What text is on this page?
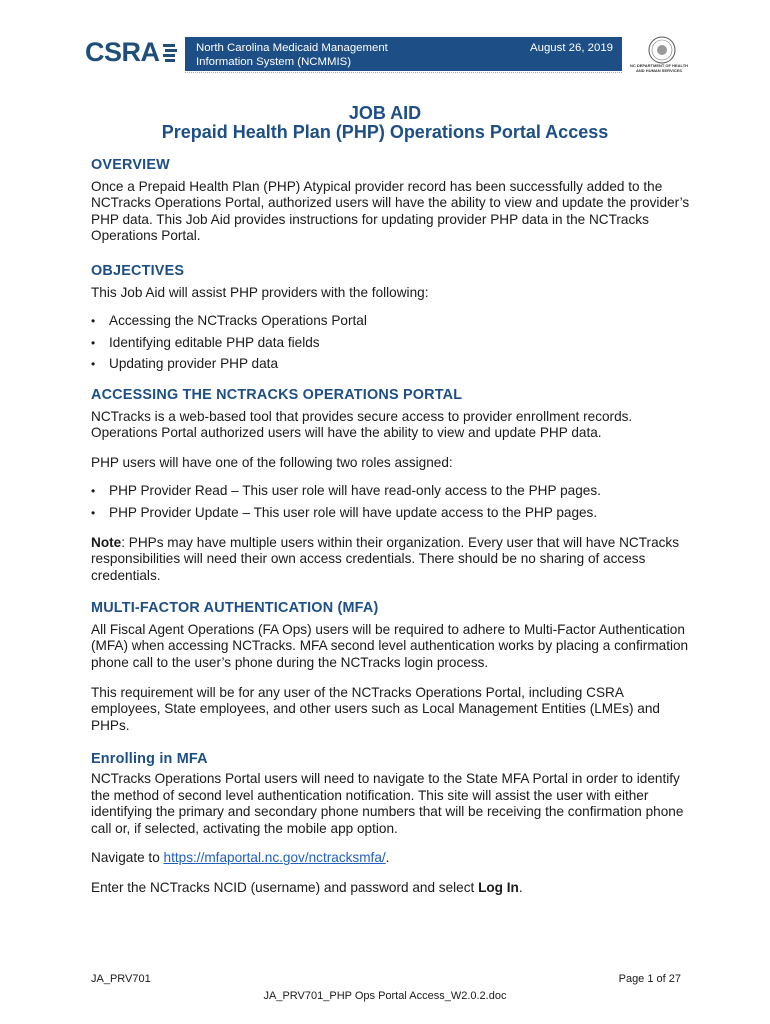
CSRA	North Carolina Medicaid Management
Information System (NCMMIS)
August 26, 2019
NC DEPARTMENT OF HEALTH AND HUMAN SERVICES
JOB AID
Prepaid Health Plan (PHP) Operations Portal Access
OVERVIEW

Once a Prepaid Health Plan (PHP) Atypical provider record has been successfully added to the NCTracks Operations Portal, authorized users will have the ability to view and update the provider’s PHP data. This Job Aid provides instructions for updating provider PHP data in the NCTracks Operations Portal.

OBJECTIVES

This Job Aid will assist PHP providers with the following:

• Accessing the NCTracks Operations Portal
• Identifying editable PHP data fields
• Updating provider PHP data
ACCESSING THE NCTRACKS OPERATIONS PORTAL

NCTracks is a web-based tool that provides secure access to provider enrollment records. Operations Portal authorized users will have the ability to view and update PHP data.

PHP users will have one of the following two roles assigned:

• PHP Provider Read – This user role will have read-only access to the PHP pages.
• PHP Provider Update – This user role will have update access to the PHP pages.

Note: PHPs may have multiple users within their organization. Every user that will have NCTracks responsibilities will need their own access credentials. There should be no sharing of access credentials.

MULTI-FACTOR AUTHENTICATION (MFA)

All Fiscal Agent Operations (FA Ops) users will be required to adhere to Multi-Factor Authentication (MFA) when accessing NCTracks. MFA second level authentication works by placing a confirmation phone call to the user’s phone during the NCTracks login process.

This requirement will be for any user of the NCTracks Operations Portal, including CSRA employees, State employees, and other users such as Local Management Entities (LMEs) and PHPs.

Enrolling in MFA

NCTracks Operations Portal users will need to navigate to the State MFA Portal in order to identify the method of second level authentication notification. This site will assist the user with either identifying the primary and secondary phone numbers that will be receiving the confirmation phone call or, if selected, activating the mobile app option.

Navigate to https://mfaportal.nc.gov/nctracksmfa/.

Enter the NCTracks NCID (username) and password and select Log In.

JA_PRV701	Page 1 of 27
JA_PRV701_PHP Ops Portal Access_W2.0.2.doc
